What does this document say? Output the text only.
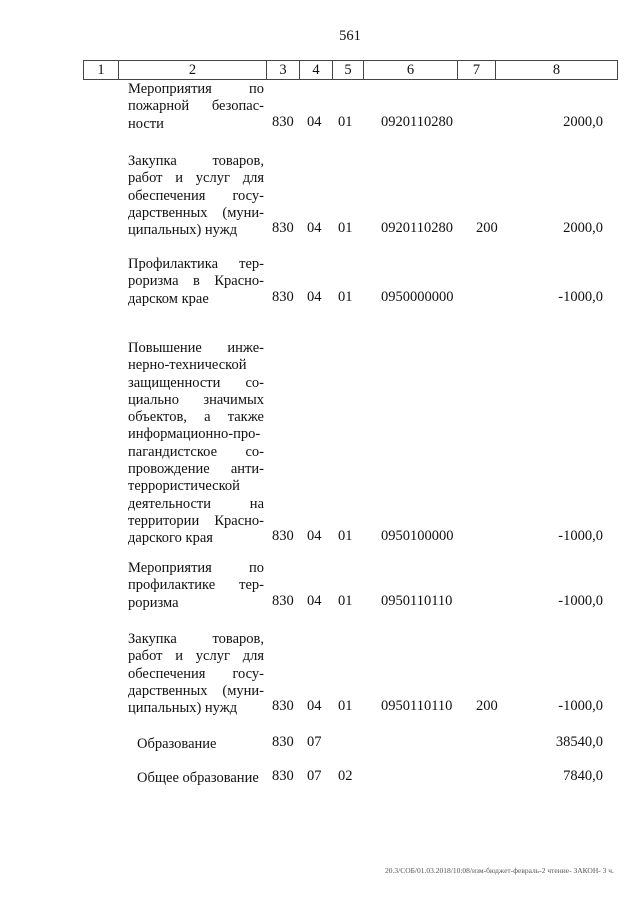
561
1	2	3	4	5	6	7	8
Мероприятия по
пожарной безопас-
ности	830 04 01 0920110280	2000,0
Закупка товаров,
работ и услуг для
обеспечения госу-
дарственных (муни-
ципальных) нужд	830 04 01 0920110280 200	2000,0
Профилактика тер-
роризма в Красно-
дарском крае	830 04 01 0950000000	-1000,0
Повышение инже-
нерно-технической
защищенности со-
циально значимых
объектов, а также
информационно-про-
пагандистское со-
провождение анти-
террористической
деятельности на
территории Красно-
дарского края	830 04 01 0950100000	-1000,0
Мероприятия по
профилактике тер-
роризма	830 04 01 0950110110	-1000,0
Закупка товаров,
работ и услуг для
обеспечения госу-
дарственных (муни-
ципальных) нужд	830 04 01 0950110110 200	-1000,0
Образование	830 07	38540,0
Общее образование 830 07 02	7840,0
20.3/СОБ/01.03.2018/10:08/изм-бюджет-февраль-2 чтение- ЗАКОН- 3 ч.
